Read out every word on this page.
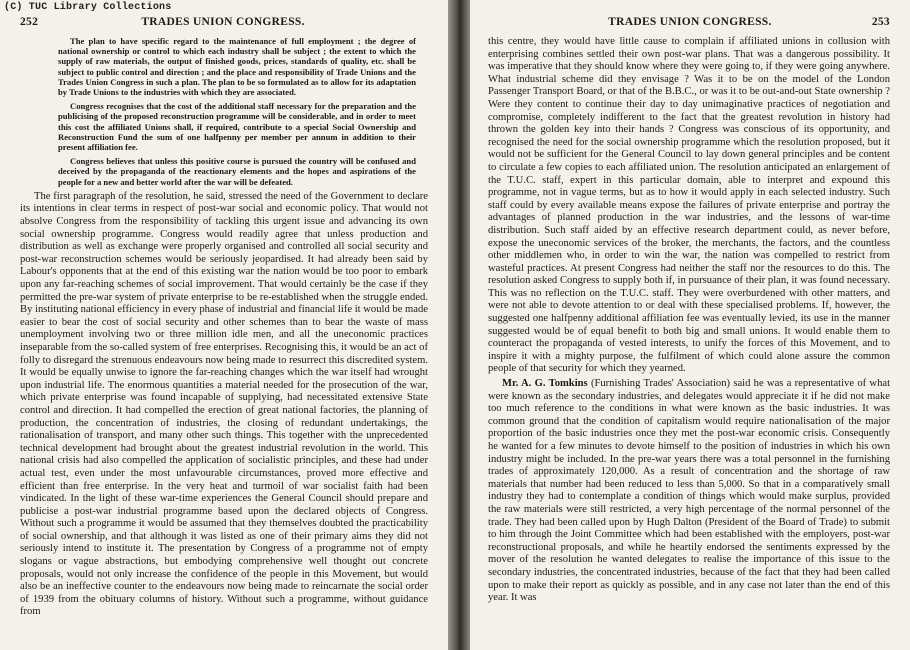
(C) TUC Library Collections
252	TRADES UNION CONGRESS.

The plan to have specific regard to the maintenance of full employment ; the degree of national ownership or control to which each industry shall be subject ; the extent to which the supply of raw materials, the output of finished goods, prices, standards of quality, etc. shall be subject to public control and direction ; and the place and responsibility of Trade Unions and the Trades Union Congress in such a plan. The plan to be so formulated as to allow for its adaptation by Trade Unions to the industries with which they are associated.

Congress recognises that the cost of the additional staff necessary for the preparation and the publicising of the proposed reconstruction programme will be considerable, and in order to meet this cost the affiliated Unions shall, if required, contribute to a special Social Ownership and Reconstruction Fund the sum of one halfpenny per member per annum in addition to their present affiliation fee.

Congress believes that unless this positive course is pursued the country will be confused and deceived by the propaganda of the reactionary elements and the hopes and aspirations of the people for a new and better world after the war will be defeated.

The first paragraph of the resolution, he said, stressed the need of the Government to declare its intentions in clear terms in respect of post-war social and economic policy. That would not absolve Congress from the responsibility of tackling this urgent issue and advancing its own social ownership programme. Congress would readily agree that unless production and distribution as well as exchange were properly organised and controlled all social security and post-war reconstruction schemes would be seriously jeopardised. It had already been said by Labour's opponents that at the end of this existing war the nation would be too poor to embark upon any far-reaching schemes of social improvement. That would certainly be the case if they permitted the pre-war system of private enterprise to be re-established when the struggle ended. By instituting national efficiency in every phase of industrial and financial life it would be made easier to bear the cost of social security and other schemes than to bear the waste of mass unemployment involving two or three million idle men, and all the uneconomic practices inseparable from the so-called system of free enterprises. Recognising this, it would be an act of folly to disregard the strenuous endeavours now being made to resurrect this discredited system. It would be equally unwise to ignore the far-reaching changes which the war itself had wrought upon industrial life. The enormous quantities a material needed for the prosecution of the war, which private enterprise was found incapable of supplying, had necessitated extensive State control and direction. It had compelled the erection of great national factories, the planning of production, the concentration of industries, the closing of redundant undertakings, the rationalisation of transport, and many other such things. This together with the unprecedented technical development had brought about the greatest industrial revolution in the world. This national crisis had also compelled the application of socialistic principles, and these had under actual test, even under the most unfavourable circumstances, proved more effective and efficient than free enterprise. In the very heat and turmoil of war socialist faith had been vindicated. In the light of these war-time experiences the General Council should prepare and publicise a post-war industrial programme based upon the declared objects of Congress. Without such a programme it would be assumed that they themselves doubted the practicability of social ownership, and that although it was listed as one of their primary aims they did not seriously intend to institute it. The presentation by Congress of a programme not of empty slogans or vague abstractions, but embodying comprehensive well thought out concrete proposals, would not only increase the confidence of the people in this Movement, but would also be an ineffective counter to the endeavours now being made to reincarnate the social order of 1939 from the obituary columns of history. Without such a programme, without guidance from

TRADES UNION CONGRESS.	253

this centre, they would have little cause to complain if affiliated unions in collusion with enterprising combines settled their own post-war plans. That was a dangerous possibility. It was imperative that they should know where they were going to, if they were going anywhere. What industrial scheme did they envisage ? Was it to be on the model of the London Passenger Transport Board, or that of the B.B.C., or was it to be out-and-out State ownership ? Were they content to continue their day to day unimaginative practices of negotiation and compromise, completely indifferent to the fact that the greatest revolution in history had thrown the golden key into their hands ? Congress was conscious of its opportunity, and recognised the need for the social ownership programme which the resolution proposed, but it would not be sufficient for the General Council to lay down general principles and be content to circulate a few copies to each affiliated union. The resolution anticipated an enlargement of the T.U.C. staff, expert in this particular domain, able to interpret and expound this programme, not in vague terms, but as to how it would apply in each selected industry. Such staff could by every available means expose the failures of private enterprise and portray the advantages of planned production in the war industries, and the lessons of war-time distribution. Such staff aided by an effective research department could, as never before, expose the uneconomic services of the broker, the merchants, the factors, and the countless other middlemen who, in order to win the war, the nation was compelled to restrict from wasteful practices. At present Congress had neither the staff nor the resources to do this. The resolution asked Congress to supply both if, in pursuance of their plan, it was found necessary. This was no reflection on the T.U.C. staff. They were overburdened with other matters, and were not able to devote attention to or deal with these specialised problems. If, however, the suggested one halfpenny additional affiliation fee was eventually levied, its use in the manner suggested would be of equal benefit to both big and small unions. It would enable them to counteract the propaganda of vested interests, to unify the forces of this Movement, and to inspire it with a mighty purpose, the fulfilment of which could alone assure the common people of that security for which they yearned.

Mr. A. G. Tomkins (Furnishing Trades' Association) said he was a representative of what were known as the secondary industries, and delegates would appreciate it if he did not make too much reference to the conditions in what were known as the basic industries. It was common ground that the condition of capitalism would require nationalisation of the major proportion of the basic industries once they met the post-war economic crisis. Consequently he wanted for a few minutes to devote himself to the position of industries in which his own industry might be included. In the pre-war years there was a total personnel in the furnishing trades of approximately 120,000. As a result of concentration and the shortage of raw materials that number had been reduced to less than 5,000. So that in a comparatively small industry they had to contemplate a condition of things which would make surplus, provided the raw materials were still restricted, a very high percentage of the normal personnel of the trade. They had been called upon by Hugh Dalton (President of the Board of Trade) to submit to him through the Joint Committee which had been established with the employers, post-war reconstructional proposals, and while he heartily endorsed the sentiments expressed by the mover of the resolution he wanted delegates to realise the importance of this issue to the secondary industries, the concentrated industries, because of the fact that they had been called upon to make their report as quickly as possible, and in any case not later than the end of this year. It was
